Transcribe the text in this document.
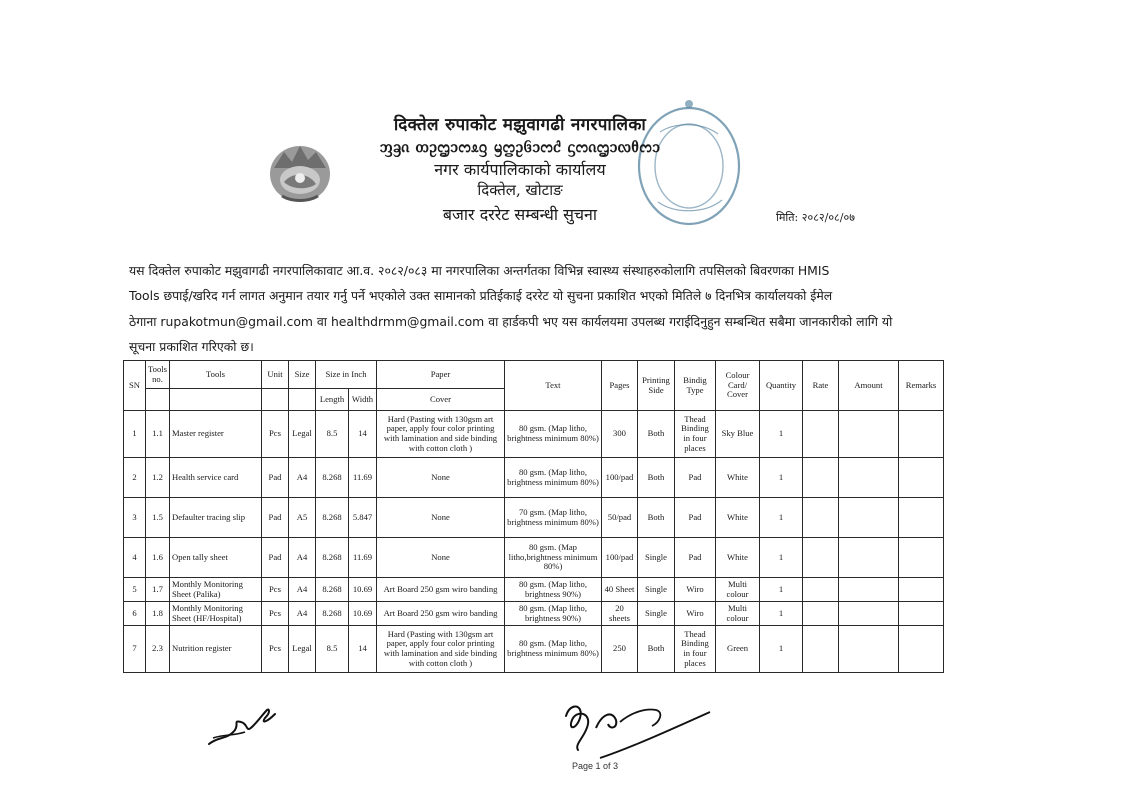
दिक्तेल रुपाकोट मझुवागढी नगरपालिका
ᦀᦃᦵ ᦎᦳᦗᦱᦂᦸᦋ ᦙᦦᦳᦑᦱᦂᦺ ᦓᦂᦵᦗᦱᦟᦲᦂᦱ
नगर कार्यपालिकाको कार्यालय
दिक्तेल, खोटाङ
बजार दररेट सम्बन्धी सुचना	मिति: २०८२/०८/०७
यस दिक्तेल रुपाकोट मझुवागढी नगरपालिकावाट आ.व. २०८२/०८३ मा नगरपालिका अन्तर्गतका विभिन्न स्वास्थ्य संस्थाहरुकोलागि तपसिलको बिवरणका HMIS
Tools छपाई/खरिद गर्न लागत अनुमान तयार गर्नु पर्ने भएकोले उक्त सामानको प्रतिईकाई दररेट यो सुचना प्रकाशित भएको मितिले ७ दिनभित्र कार्यालयको ईमेल
ठेगाना rupakotmun@gmail.com वा healthdrmm@gmail.com वा हार्डकपी भए यस कार्यलयमा उपलब्ध गराईदिनुहुन सम्बन्धित सबैमा जानकारीको लागि यो
सूचना प्रकाशित गरिएको छ।
SN	Tools no.	Tools	Unit	Size	Size in Inch		Paper	Text	Pages	Printing Side	Bindig Type	Colour Card/ Cover	Quantity	Rate	Amount	Remarks
					Length	Width	Cover									
1	1.1	Master register	Pcs	Legal	8.5	14	Hard (Pasting with 130gsm art paper, apply four color printing with lamination and side binding with cotton cloth )	80 gsm. (Map litho, brightness minimum 80%)	300	Both	Thead Binding in four places	Sky Blue	1			
2	1.2	Health service card	Pad	A4	8.268	11.69	None	80 gsm. (Map litho, brightness minimum 80%)	100/pad	Both	Pad	White	1			
3	1.5	Defaulter tracing slip	Pad	A5	8.268	5.847	None	70 gsm. (Map litho, brightness minimum 80%)	50/pad	Both	Pad	White	1			
4	1.6	Open tally sheet	Pad	A4	8.268	11.69	None	80 gsm. (Map litho,brightness minimum 80%)	100/pad	Single	Pad	White	1			
5	1.7	Monthly Monitoring Sheet (Palika)	Pcs	A4	8.268	10.69	Art Board 250 gsm wiro banding	80 gsm. (Map litho, brightness 90%)	40 Sheet	Single	Wiro	Multi colour	1			
6	1.8	Monthly Monitoring Sheet (HF/Hospital)	Pcs	A4	8.268	10.69	Art Board 250 gsm wiro banding	80 gsm. (Map litho, brightness 90%)	20 sheets	Single	Wiro	Multi colour	1			
7	2.3	Nutrition register	Pcs	Legal	8.5	14	Hard (Pasting with 130gsm art paper, apply four color printing with lamination and side binding with cotton cloth )	80 gsm. (Map litho, brightness minimum 80%)	250	Both	Thead Binding in four places	Green	1			
Page 1 of 3
